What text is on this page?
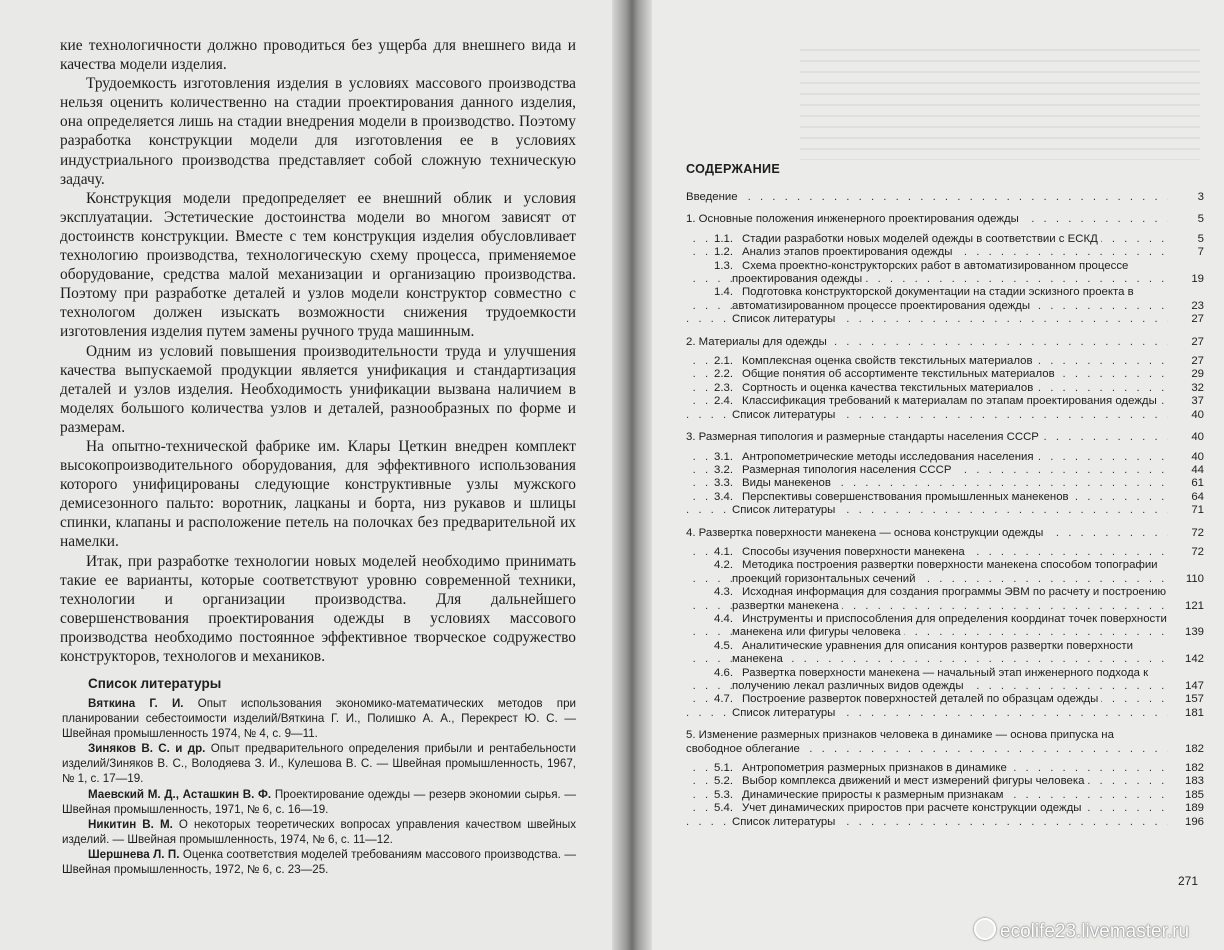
кие технологичности должно проводиться без ущерба для внешнего вида и качества модели изделия.

Трудоемкость изготовления изделия в условиях массового производства нельзя оценить количественно на стадии проектирования данного изделия, она определяется лишь на стадии внедрения модели в производство. Поэтому разработка конструкции модели для изготовления ее в условиях индустриального производства представляет собой сложную техническую задачу.

Конструкция модели предопределяет ее внешний облик и условия эксплуатации. Эстетические достоинства модели во многом зависят от достоинств конструкции. Вместе с тем конструкция изделия обусловливает технологию производства, технологическую схему процесса, применяемое оборудование, средства малой механизации и организацию производства. Поэтому при разработке деталей и узлов модели конструктор совместно с технологом должен изыскать возможности снижения трудоемкости изготовления изделия путем замены ручного труда машинным.

Одним из условий повышения производительности труда и улучшения качества выпускаемой продукции является унификация и стандартизация деталей и узлов изделия. Необходимость унификации вызвана наличием в моделях большого количества узлов и деталей, разнообразных по форме и размерам.

На опытно-технической фабрике им. Клары Цеткин внедрен комплект высокопроизводительного оборудования, для эффективного использования которого унифицированы следующие конструктивные узлы мужского демисезонного пальто: воротник, лацканы и борта, низ рукавов и шлицы спинки, клапаны и расположение петель на полочках без предварительной их намелки.

Итак, при разработке технологии новых моделей необходимо принимать такие ее варианты, которые соответствуют уровню современной техники, технологии и организации производства. Для дальнейшего совершенствования проектирования одежды в условиях массового производства необходимо постоянное эффективное творческое содружество конструкторов, технологов и механиков.

Список литературы

Вяткина Г. И. Опыт использования экономико-математических методов при планировании себестоимости изделий/Вяткина Г. И., Полишко А. А., Перекрест Ю. С. — Швейная промышленность 1974, № 4, с. 9—11.

Зиняков В. С. и др. Опыт предварительного определения прибыли и рентабельности изделий/Зиняков В. С., Володяева З. И., Кулешова В. С. — Швейная промышленность, 1967, № 1, с. 17—19.

Маевский М. Д., Асташкин В. Ф. Проектирование одежды — резерв экономии сырья. — Швейная промышленность, 1971, № 6, с. 16—19.

Никитин В. М. О некоторых теоретических вопросах управления качеством швейных изделий. — Швейная промышленность, 1974, № 6, с. 11—12.

Шершнева Л. П. Оценка соответствия моделей требованиям массового производства. — Швейная промышленность, 1972, № 6, с. 23—25.

СОДЕРЖАНИЕ
Введение . . .	3
1. Основные положения инженерного проектирования одежды . . .	5
1.1. Стадии разработки новых моделей одежды в соответствии с ЕСКД . . .	5
1.2. Анализ этапов проектирования одежды . . .	7
1.3. Схема проектно-конструкторских работ в автоматизированном процессе проектирования одежды . . .	19
1.4. Подготовка конструкторской документации на стадии эскизного проекта в автоматизированном процессе проектирования одежды . . .	23
Список литературы . . .	27
2. Материалы для одежды . . .	27
2.1. Комплексная оценка свойств текстильных материалов . . .	27
2.2. Общие понятия об ассортименте текстильных материалов . . .	29
2.3. Сортность и оценка качества текстильных материалов . . .	32
2.4. Классификация требований к материалам по этапам проектирования одежды . . .	37
Список литературы . . .	40
3. Размерная типология и размерные стандарты населения СССР . . .	40
3.1. Антропометрические методы исследования населения . . .	40
3.2. Размерная типология населения СССР . . .	44
3.3. Виды манекенов . . .	61
3.4. Перспективы совершенствования промышленных манекенов . . .	64
Список литературы . . .	71
4. Развертка поверхности манекена — основа конструкции одежды . . .	72
4.1. Способы изучения поверхности манекена . . .	72
4.2. Методика построения развертки поверхности манекена способом топографии проекций горизонтальных сечений . . .	110
4.3. Исходная информация для создания программы ЭВМ по расчету и построению развертки манекена . . .	121
4.4. Инструменты и приспособления для определения координат точек поверхности манекена или фигуры человека . . .	139
4.5. Аналитические уравнения для описания контуров развертки поверхности манекена . . .	142
4.6. Развертка поверхности манекена — начальный этап инженерного подхода к получению лекал различных видов одежды . . .	147
4.7. Построение разверток поверхностей деталей по образцам одежды . . .	157
Список литературы . . .	181
5. Изменение размерных признаков человека в динамике — основа припуска на свободное облегание . . .	182
5.1. Антропометрия размерных признаков в динамике . . .	182
5.2. Выбор комплекса движений и мест измерений фигуры человека . . .	183
5.3. Динамические приросты к размерным признакам . . .	185
5.4. Учет динамических приростов при расчете конструкции одежды . . .	189
Список литературы . . .	196
271
ecolife23.livemaster.ru
